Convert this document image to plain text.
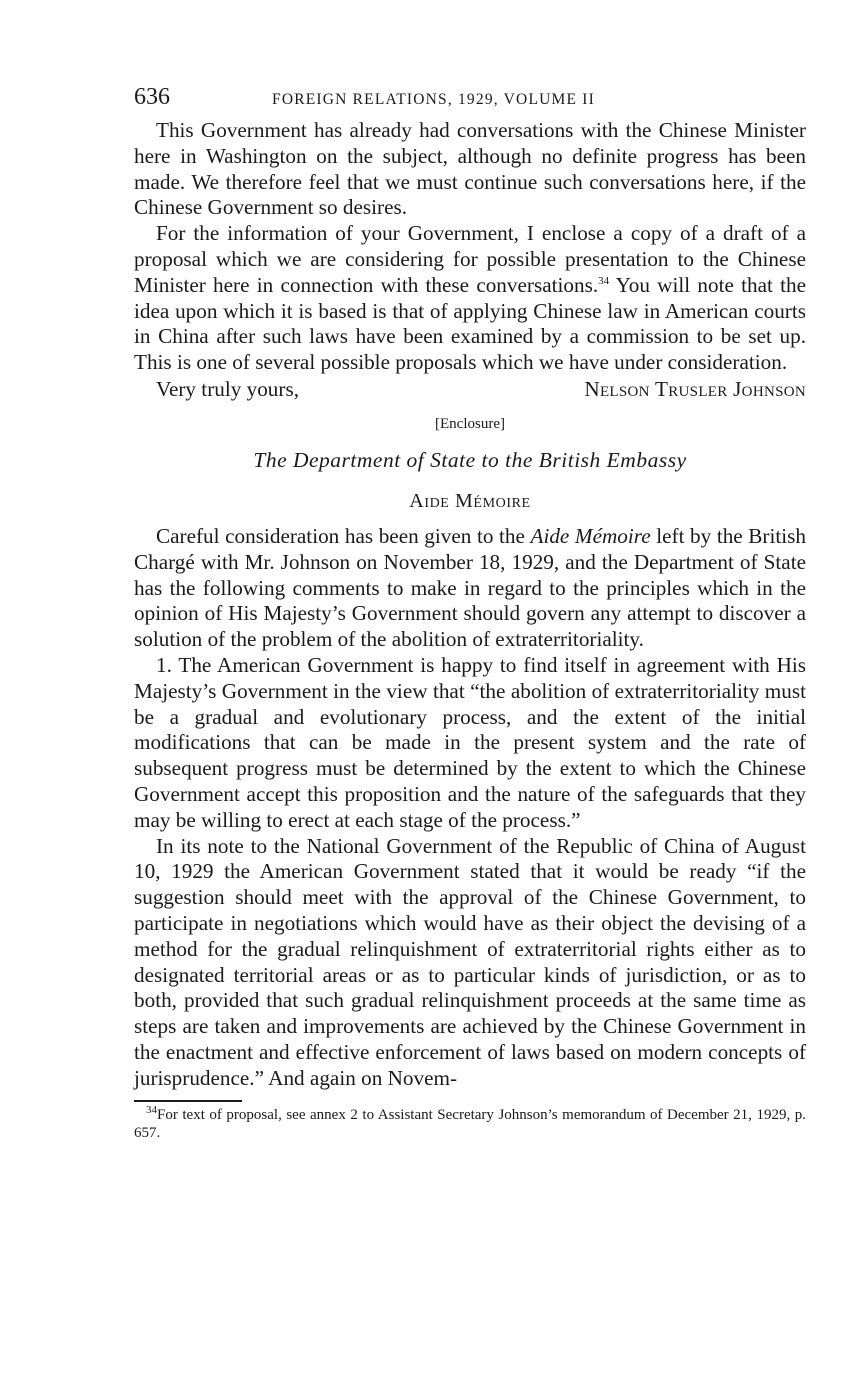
636	FOREIGN RELATIONS, 1929, VOLUME II

This Government has already had conversations with the Chinese Minister here in Washington on the subject, although no definite progress has been made. We therefore feel that we must continue such conversations here, if the Chinese Government so desires.

For the information of your Government, I enclose a copy of a draft of a proposal which we are considering for possible presentation to the Chinese Minister here in connection with these conversations.$^{34}$ You will note that the idea upon which it is based is that of applying Chinese law in American courts in China after such laws have been examined by a commission to be set up. This is one of several possible proposals which we have under consideration.

Very truly yours,	Nelson Trusler Johnson
[Enclosure]
The Department of State to the British Embassy
Aide Mémoire

Careful consideration has been given to the Aide Mémoire left by the British Chargé with Mr. Johnson on November 18, 1929, and the Department of State has the following comments to make in regard to the principles which in the opinion of His Majesty’s Government should govern any attempt to discover a solution of the problem of the abolition of extraterritoriality.

1. The American Government is happy to find itself in agreement with His Majesty’s Government in the view that “the abolition of extraterritoriality must be a gradual and evolutionary process, and the extent of the initial modifications that can be made in the present system and the rate of subsequent progress must be determined by the extent to which the Chinese Government accept this proposition and the nature of the safeguards that they may be willing to erect at each stage of the process.”

In its note to the National Government of the Republic of China of August 10, 1929 the American Government stated that it would be ready “if the suggestion should meet with the approval of the Chinese Government, to participate in negotiations which would have as their object the devising of a method for the gradual relinquishment of extraterritorial rights either as to designated territorial areas or as to particular kinds of jurisdiction, or as to both, provided that such gradual relinquishment proceeds at the same time as steps are taken and improvements are achieved by the Chinese Government in the enactment and effective enforcement of laws based on modern concepts of jurisprudence.” And again on Novem-

$^{34}$For text of proposal, see annex 2 to Assistant Secretary Johnson’s memorandum of December 21, 1929, p. 657.
